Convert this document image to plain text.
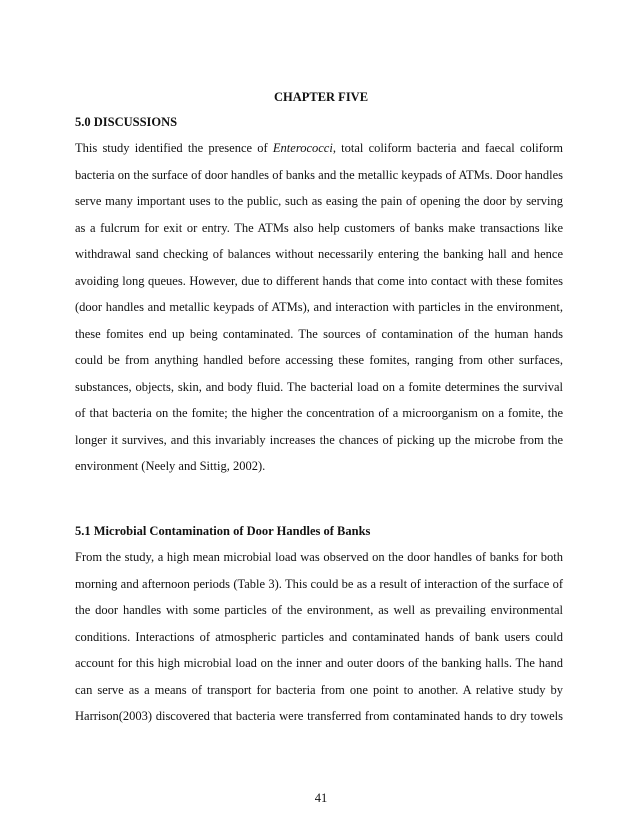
CHAPTER FIVE
5.0 DISCUSSIONS

This study identified the presence of Enterococci, total coliform bacteria and faecal coliform
bacteria on the surface of door handles of banks and the metallic keypads of ATMs. Door handles
serve many important uses to the public, such as easing the pain of opening the door by serving
as a fulcrum for exit or entry. The ATMs also help customers of banks make transactions like
withdrawal sand checking of balances without necessarily entering the banking hall and hence
avoiding long queues. However, due to different hands that come into contact with these fomites
(door handles and metallic keypads of ATMs), and interaction with particles in the environment,
these fomites end up being contaminated. The sources of contamination of the human hands
could be from anything handled before accessing these fomites, ranging from other surfaces,
substances, objects, skin, and body fluid. The bacterial load on a fomite determines the survival
of that bacteria on the fomite; the higher the concentration of a microorganism on a fomite, the
longer it survives, and this invariably increases the chances of picking up the microbe from the
environment (Neely and Sittig, 2002).

5.1 Microbial Contamination of Door Handles of Banks

From the study, a high mean microbial load was observed on the door handles of banks for both
morning and afternoon periods (Table 3). This could be as a result of interaction of the surface of
the door handles with some particles of the environment, as well as prevailing environmental
conditions. Interactions of atmospheric particles and contaminated hands of bank users could
account for this high microbial load on the inner and outer doors of the banking halls. The hand
can serve as a means of transport for bacteria from one point to another. A relative study by
Harrison(2003) discovered that bacteria were transferred from contaminated hands to dry towels

41
